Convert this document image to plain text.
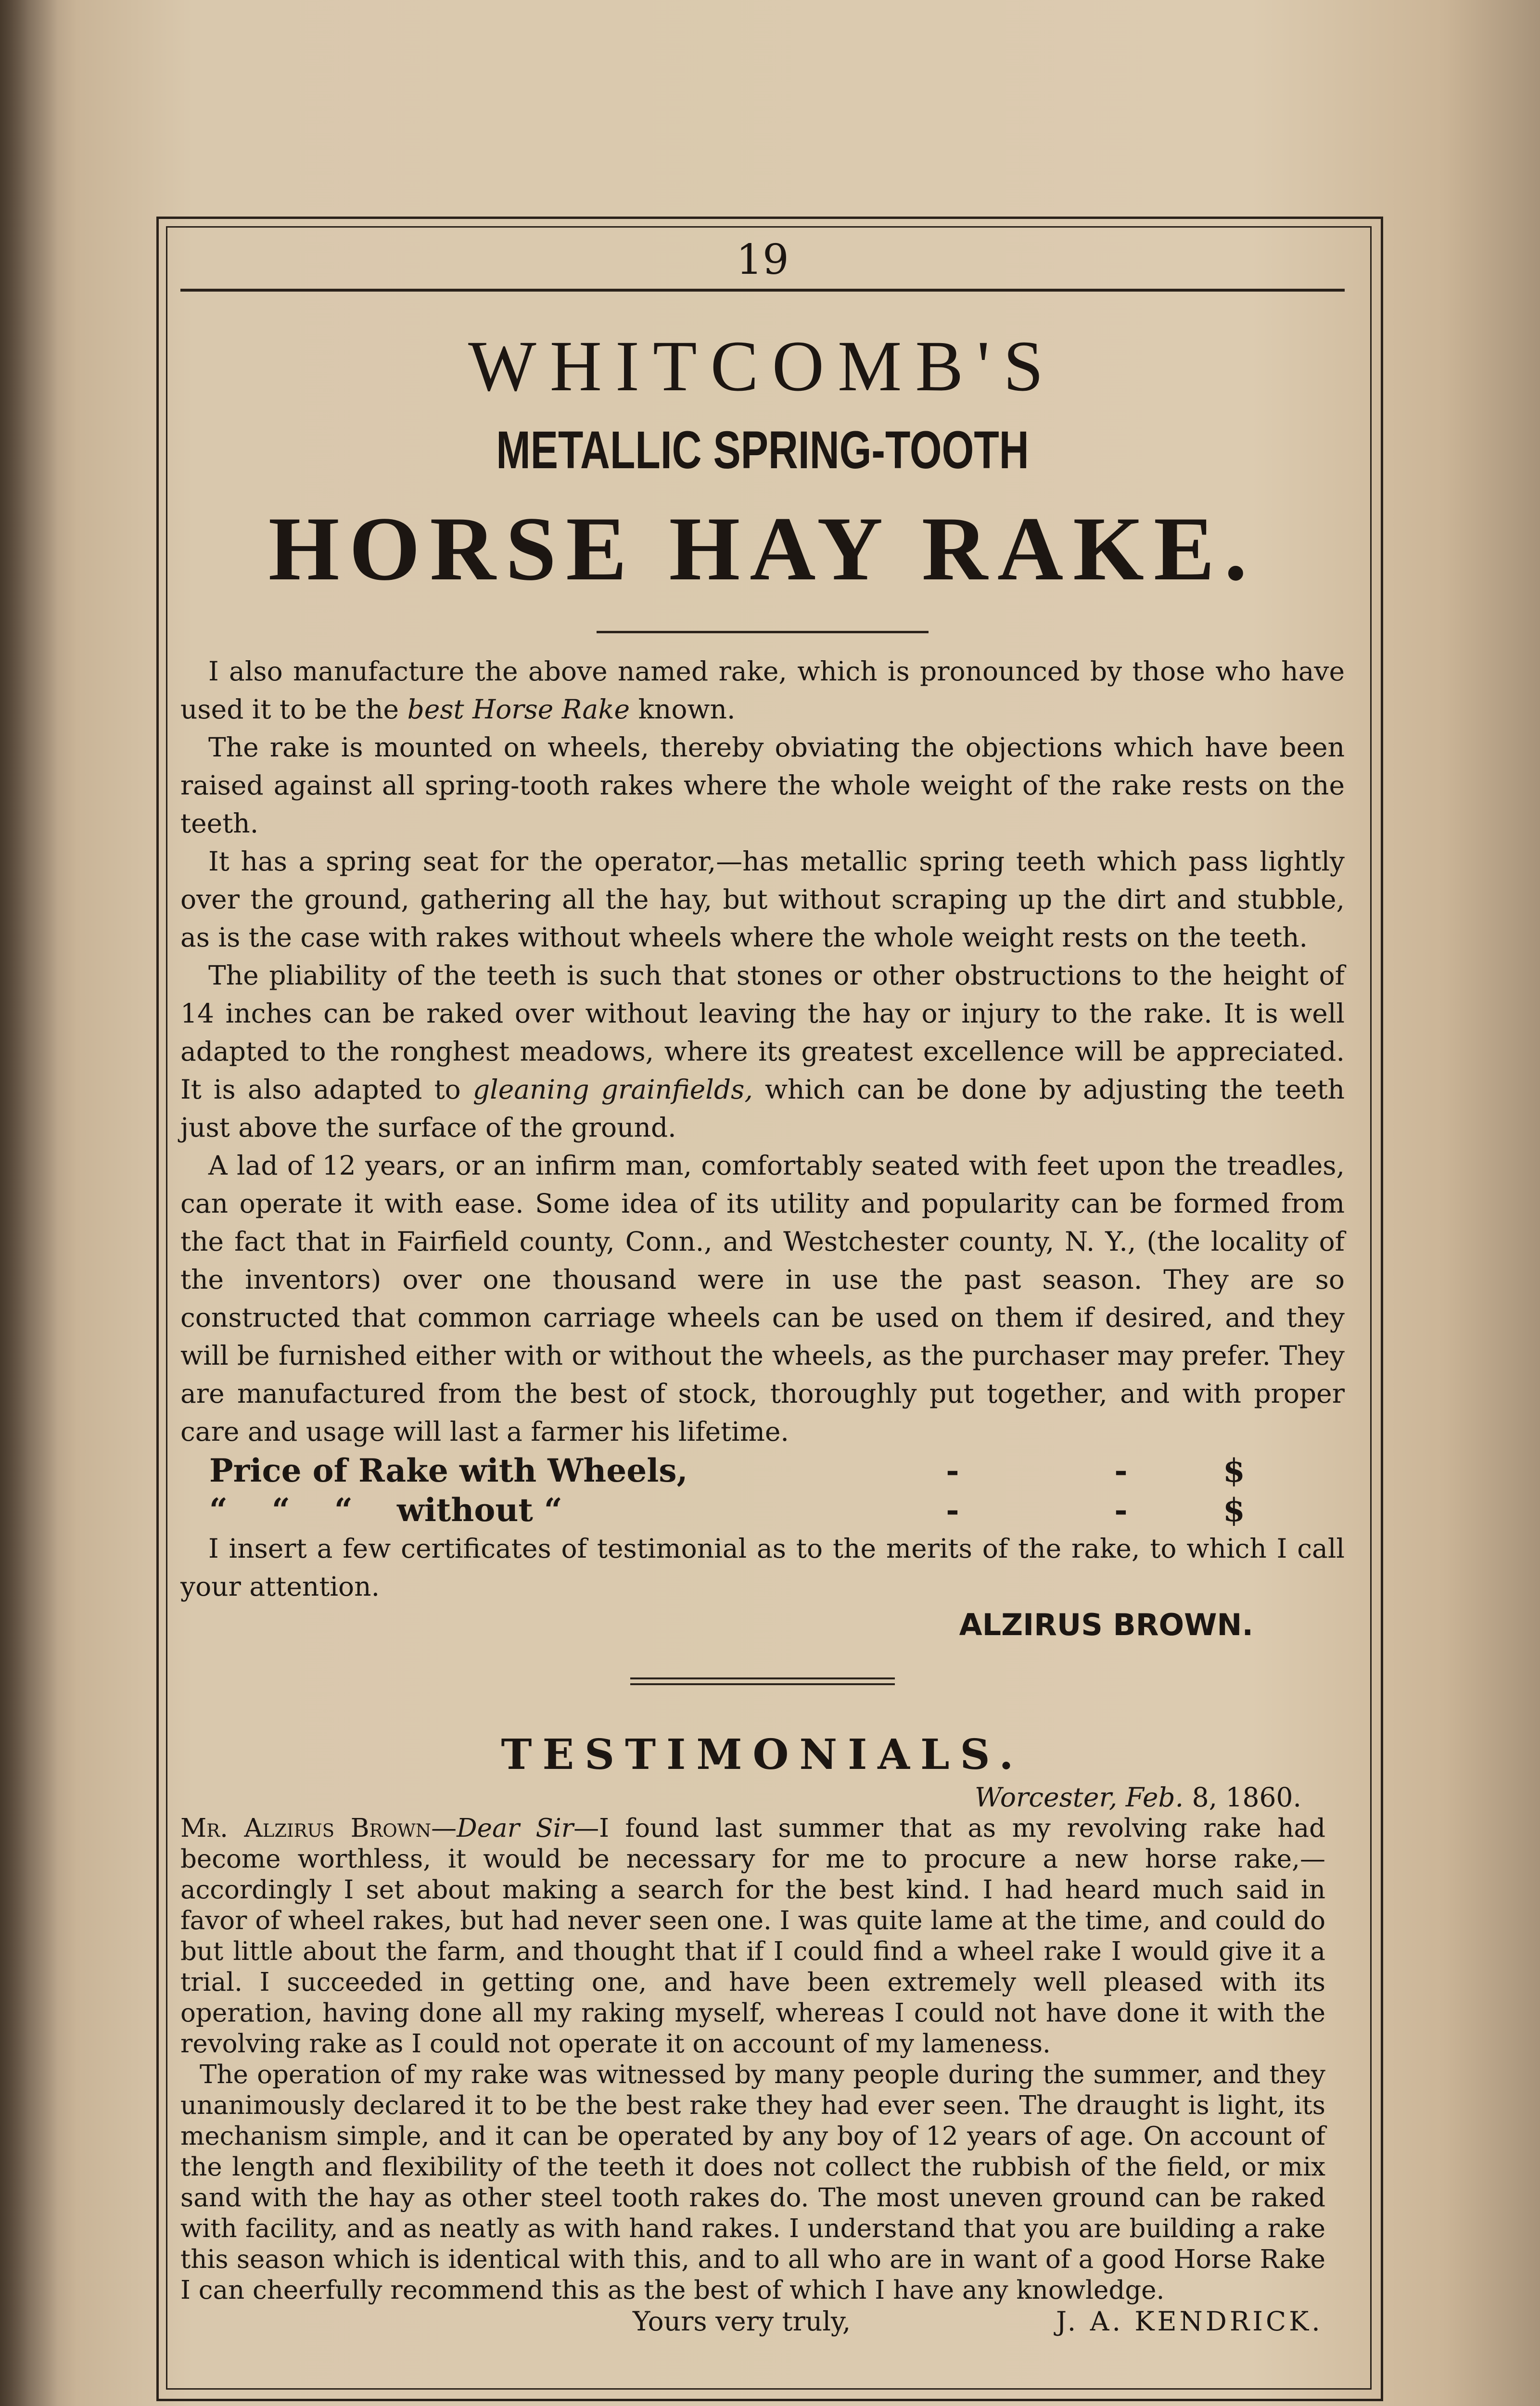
19
WHITCOMB'S
METALLIC SPRING-TOOTH
HORSE HAY RAKE.

I also manufacture the above named rake, which is pronounced by those who have used it to be the best Horse Rake known.

The rake is mounted on wheels, thereby obviating the objections which have been raised against all spring-tooth rakes where the whole weight of the rake rests on the teeth.

It has a spring seat for the operator,—has metallic spring teeth which pass lightly over the ground, gathering all the hay, but without scraping up the dirt and stubble, as is the case with rakes without wheels where the whole weight rests on the teeth.

The pliability of the teeth is such that stones or other obstructions to the height of 14 inches can be raked over without leaving the hay or injury to the rake. It is well adapted to the ronghest meadows, where its greatest excellence will be appreciated. It is also adapted to gleaning grainfields, which can be done by adjusting the teeth just above the surface of the ground.

A lad of 12 years, or an infirm man, comfortably seated with feet upon the treadles, can operate it with ease. Some idea of its utility and popularity can be formed from the fact that in Fairfield county, Conn., and Westchester county, N. Y., (the locality of the inventors) over one thousand were in use the past season. They are so constructed that common carriage wheels can be used on them if desired, and they will be furnished either with or without the wheels, as the purchaser may prefer. They are manufactured from the best of stock, thoroughly put together, and with proper care and usage will last a farmer his lifetime.

Price of Rake with Wheels,	-	-	$
“ “ “ without “	-	-	$

I insert a few certificates of testimonial as to the merits of the rake, to which I call your attention.

ALZIRUS BROWN.
TESTIMONIALS.
Worcester, Feb. 8, 1860.

Mr. Alzirus Brown—Dear Sir—I found last summer that as my revolving rake had become worthless, it would be necessary for me to procure a new horse rake,—accordingly I set about making a search for the best kind. I had heard much said in favor of wheel rakes, but had never seen one. I was quite lame at the time, and could do but little about the farm, and thought that if I could find a wheel rake I would give it a trial. I succeeded in getting one, and have been extremely well pleased with its operation, having done all my raking myself, whereas I could not have done it with the revolving rake as I could not operate it on account of my lameness.

The operation of my rake was witnessed by many people during the summer, and they unanimously declared it to be the best rake they had ever seen. The draught is light, its mechanism simple, and it can be operated by any boy of 12 years of age. On account of the length and flexibility of the teeth it does not collect the rubbish of the field, or mix sand with the hay as other steel tooth rakes do. The most uneven ground can be raked with facility, and as neatly as with hand rakes. I understand that you are building a rake this season which is identical with this, and to all who are in want of a good Horse Rake I can cheerfully recommend this as the best of which I have any knowledge.

Yours very truly,	J. A. KENDRICK.
